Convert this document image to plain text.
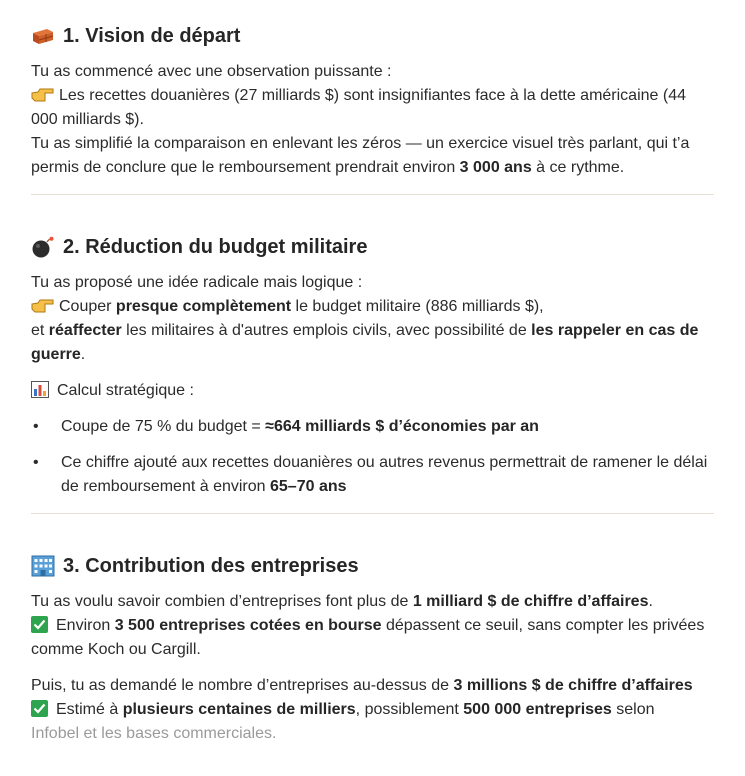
1. Vision de départ

Tu as commencé avec une observation puissante :

Les recettes douanières (27 milliards $) sont insignifiantes face à la dette américaine (44 000 milliards $).

Tu as simplifié la comparaison en enlevant les zéros — un exercice visuel très parlant, qui t’a permis de conclure que le remboursement prendrait environ 3 000 ans à ce rythme.

2. Réduction du budget militaire

Tu as proposé une idée radicale mais logique :

Couper presque complètement le budget militaire (886 milliards $),

et réaffecter les militaires à d'autres emplois civils, avec possibilité de les rappeler en cas de guerre.

Calcul stratégique :

• Coupe de 75 % du budget = ≈664 milliards $ d’économies par an
• Ce chiffre ajouté aux recettes douanières ou autres revenus permettrait de ramener le délai de remboursement à environ 65–70 ans
3. Contribution des entreprises

Tu as voulu savoir combien d’entreprises font plus de 1 milliard $ de chiffre d’affaires.

Environ 3 500 entreprises cotées en bourse dépassent ce seuil, sans compter les privées comme Koch ou Cargill.

Puis, tu as demandé le nombre d’entreprises au-dessus de 3 millions $ de chiffre d’affaires

Estimé à plusieurs centaines de milliers, possiblement 500 000 entreprises selon

Infobel et les bases commerciales.
